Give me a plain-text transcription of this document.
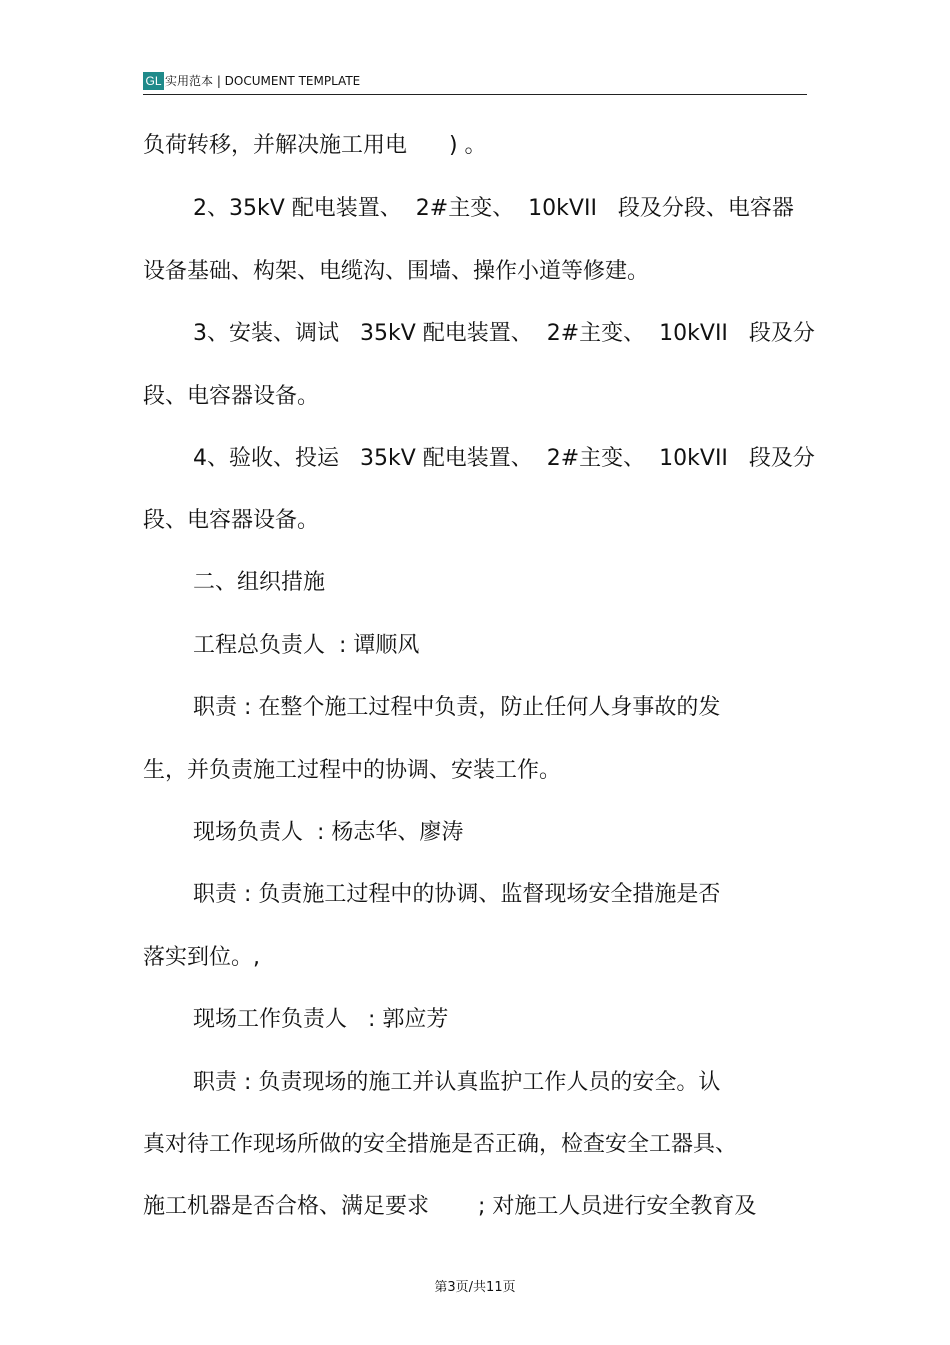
GL 实用范本 | DOCUMENT TEMPLATE
负荷转移，并解决施工用电      ) 。
2、35kV 配电装置、  2#主变、  10kVII   段及分段、电容器
设备基础、构架、电缆沟、围墙、操作小道等修建。
3、安装、调试   35kV 配电装置、  2#主变、  10kVII   段及分
段、电容器设备。
4、验收、投运   35kV 配电装置、  2#主变、  10kVII   段及分
段、电容器设备。
二、组织措施
工程总负责人  : 谭顺风
职责 : 在整个施工过程中负责，防止任何人身事故的发
生，并负责施工过程中的协调、安装工作。
现场负责人  : 杨志华、廖涛
职责 : 负责施工过程中的协调、监督现场安全措施是否
落实到位。,
现场工作负责人   : 郭应芳
职责 : 负责现场的施工并认真监护工作人员的安全。认
真对待工作现场所做的安全措施是否正确，检查安全工器具、
施工机器是否合格、满足要求       ; 对施工人员进行安全教育及
第3页/共11页
